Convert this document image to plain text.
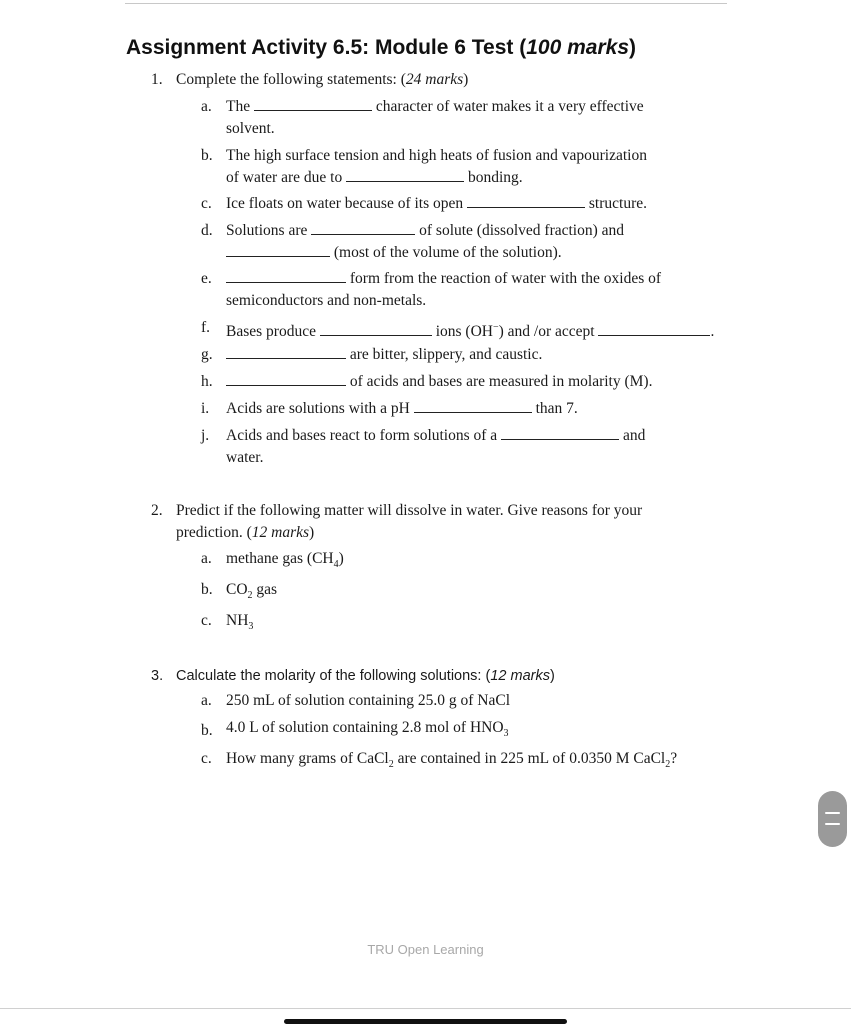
Assignment Activity 6.5: Module 6 Test (100 marks)
1. Complete the following statements: (24 marks)
a. The	character of water makes it a very effective
solvent.
b. The high surface tension and high heats of fusion and vapourization
of water are due to	bonding.
c. Ice floats on water because of its open	structure.
d. Solutions are	of solute (dissolved fraction) and
(most of the volume of the solution).
e.	form from the reaction of water with the oxides of
semiconductors and non-metals.
f. Bases produce	ions (OH−) and /or accept	.
g.	are bitter, slippery, and caustic.
h.	of acids and bases are measured in molarity (M).
i. Acids are solutions with a pH	than 7.
j. Acids and bases react to form solutions of a	and
water.
2. Predict if the following matter will dissolve in water. Give reasons for your
prediction. (12 marks)
a. methane gas $(CH_4)$
b. $CO_2$ gas
c. $NH_3$
3. Calculate the molarity of the following solutions: (12 marks)
a. 250 mL of solution containing 25.0 g of NaCl
b. 4.0 L of solution containing 2.8 mol of $HNO_3$
c. How many grams of CaCl$_2$ are contained in 225 mL of 0.0350 M CaCl$_2$?
TRU Open Learning
